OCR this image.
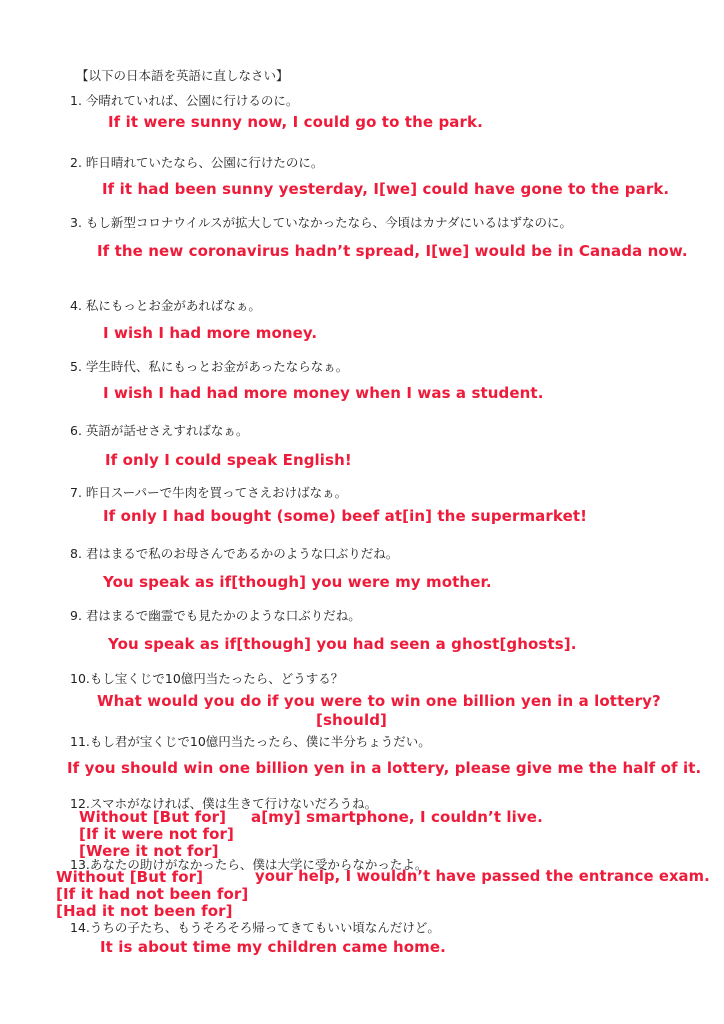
【以下の日本語を英語に直しなさい】
1. 今晴れていれば、公園に行けるのに。
If it were sunny now, I could go to the park.
2. 昨日晴れていたなら、公園に行けたのに。
If it had been sunny yesterday, I[we] could have gone to the park.
3. もし新型コロナウイルスが拡大していなかったなら、今頃はカナダにいるはずなのに。
If the new coronavirus hadn’t spread, I[we] would be in Canada now.
4. 私にもっとお金があればなぁ。
I wish I had more money.
5. 学生時代、私にもっとお金があったならなぁ。
I wish I had had more money when I was a student.
6. 英語が話せさえすればなぁ。
If only I could speak English!
7. 昨日スーパーで牛肉を買ってさえおけばなぁ。
If only I had bought (some) beef at[in] the supermarket!
8. 君はまるで私のお母さんであるかのような口ぶりだね。
You speak as if[though] you were my mother.
9. 君はまるで幽霊でも見たかのような口ぶりだね。
You speak as if[though] you had seen a ghost[ghosts].
10.もし宝くじで10億円当たったら、どうする？
What would you do if you were to win one billion yen in a lottery?
[should]
11.もし君が宝くじで10億円当たったら、僕に半分ちょうだい。
If you should win one billion yen in a lottery, please give me the half of it.
12.スマホがなければ、僕は生きて行けないだろうね。
Without [But for] a[my] smartphone, I couldn’t live.
[If it were not for]
[Were it not for]
13.あなたの助けがなかったら、僕は大学に受からなかったよ。
Without [But for]	your help, I wouldn’t have passed the entrance exam.
[If it had not been for]
[Had it not been for]
14.うちの子たち、もうそろそろ帰ってきてもいい頃なんだけど。
It is about time my children came home.
